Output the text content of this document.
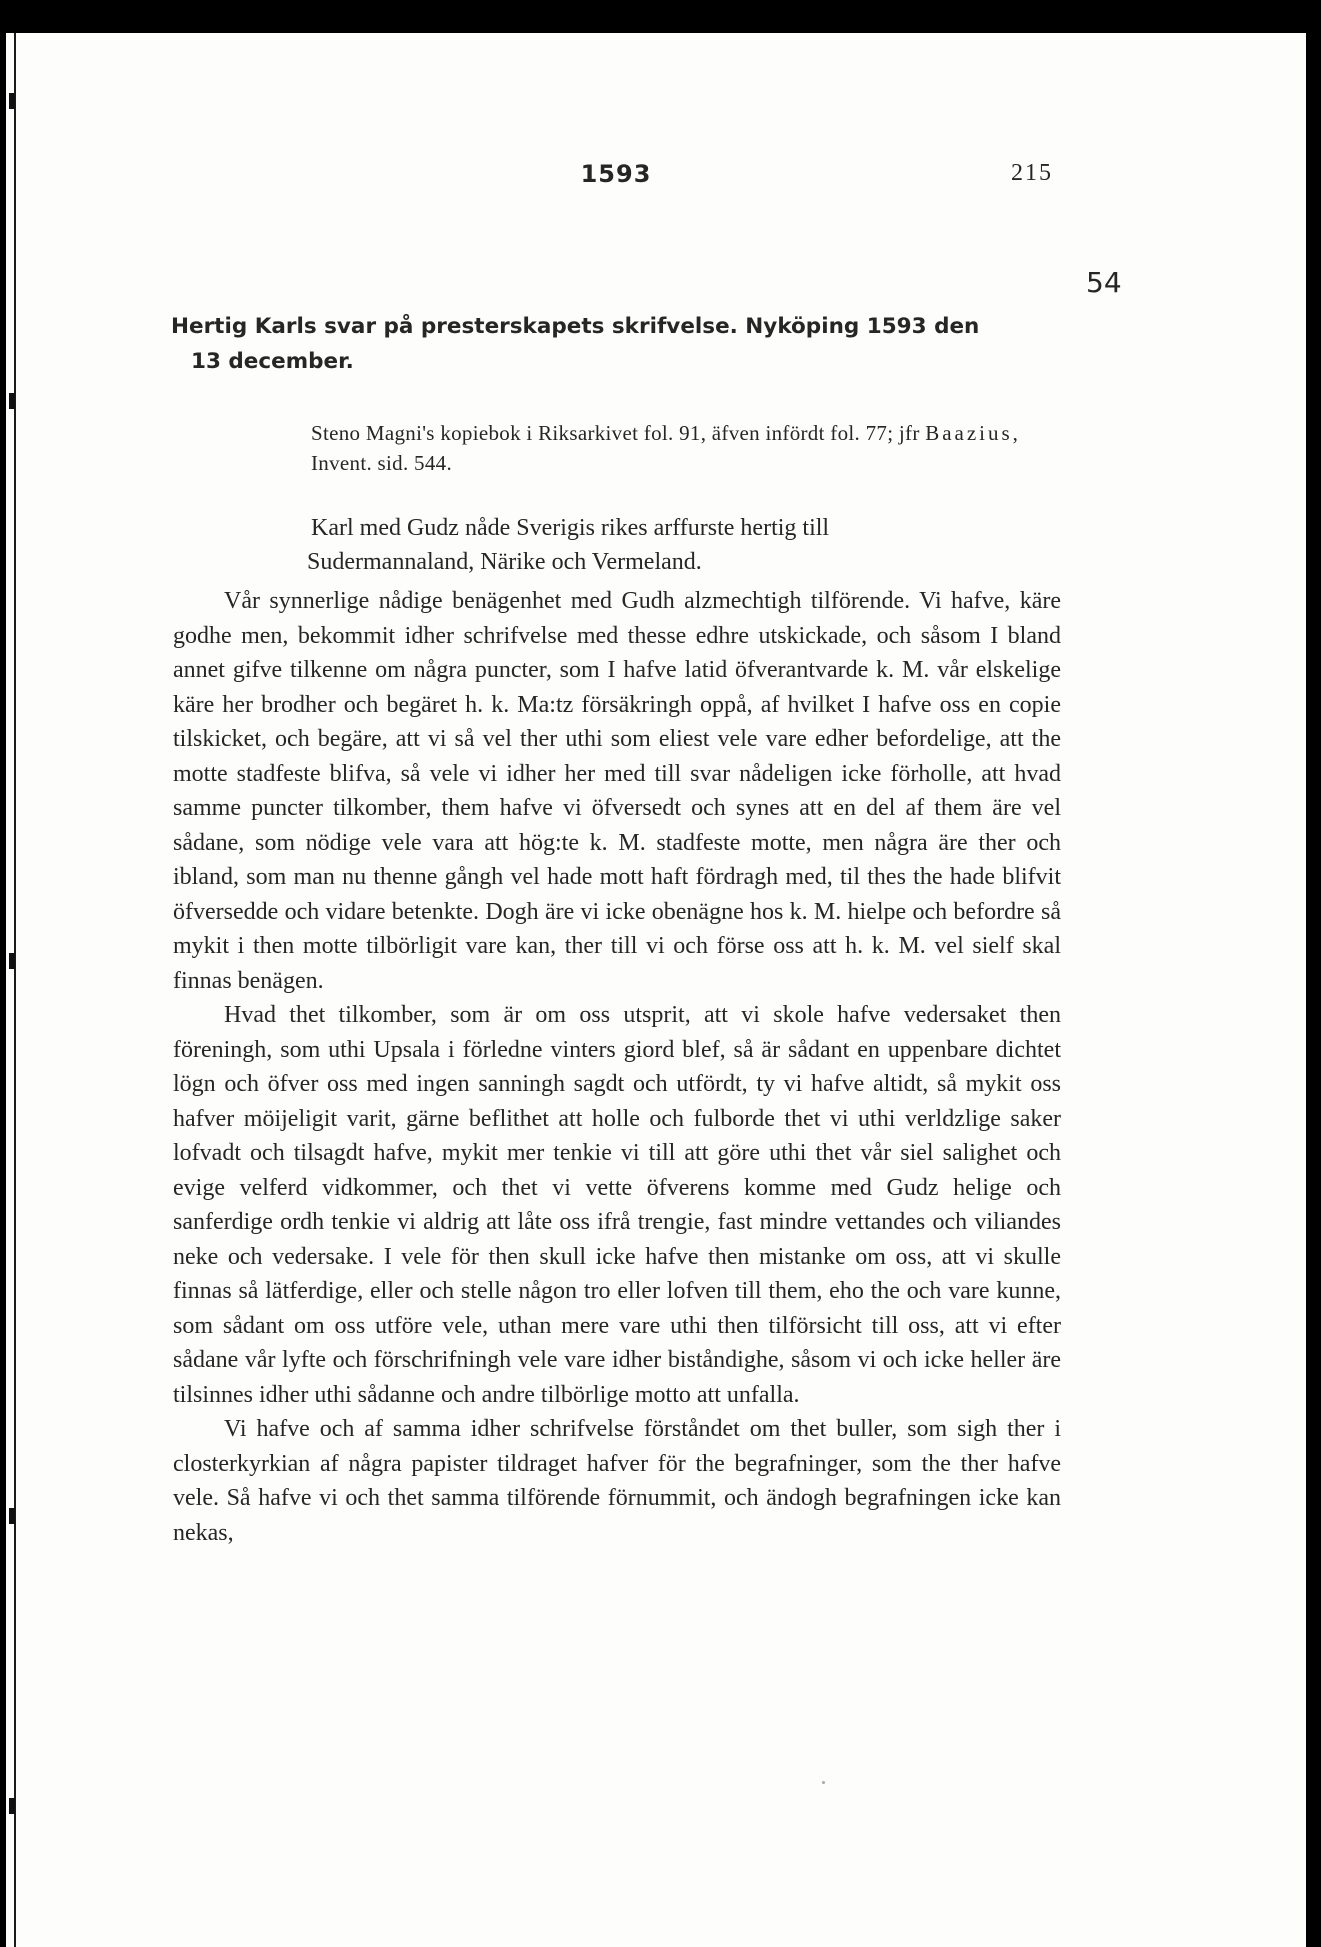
1593	215
54
Hertig Karls svar på presterskapets skrifvelse. Nyköping 1593 den
13 december.
Steno Magni's kopiebok i Riksarkivet fol. 91, äfven infördt fol. 77; jfr Baazius, Invent. sid. 544.
Karl med Gudz nåde Sverigis rikes arffurste hertig till
Sudermannaland, Närike och Vermeland.

Vår synnerlige nådige benägenhet med Gudh alzmechtigh tilförende. Vi hafve, käre godhe men, bekommit idher schrifvelse med thesse edhre utskickade, och såsom I bland annet gifve tilkenne om några puncter, som I hafve latid öfverantvarde k. M. vår elskelige käre her brodher och begäret h. k. Ma:tz försäkringh oppå, af hvilket I hafve oss en copie tilskicket, och begäre, att vi så vel ther uthi som eliest vele vare edher befordelige, att the motte stadfeste blifva, så vele vi idher her med till svar nådeligen icke förholle, att hvad samme puncter tilkomber, them hafve vi öfversedt och synes att en del af them äre vel sådane, som nödige vele vara att hög:te k. M. stadfeste motte, men några äre ther och ibland, som man nu thenne gångh vel hade mott haft fördragh med, til thes the hade blifvit öfversedde och vidare betenkte. Dogh äre vi icke obenägne hos k. M. hielpe och befordre så mykit i then motte tilbörligit vare kan, ther till vi och förse oss att h. k. M. vel sielf skal finnas benägen.

Hvad thet tilkomber, som är om oss utsprit, att vi skole hafve vedersaket then föreningh, som uthi Upsala i förledne vinters giord blef, så är sådant en uppenbare dichtet lögn och öfver oss med ingen sanningh sagdt och utfördt, ty vi hafve altidt, så mykit oss hafver möijeligit varit, gärne beflithet att holle och fulborde thet vi uthi verldzlige saker lofvadt och tilsagdt hafve, mykit mer tenkie vi till att göre uthi thet vår siel salighet och evige velferd vidkommer, och thet vi vette öfverens komme med Gudz helige och sanferdige ordh tenkie vi aldrig att låte oss ifrå trengie, fast mindre vettandes och viliandes neke och vedersake. I vele för then skull icke hafve then mistanke om oss, att vi skulle finnas så lätferdige, eller och stelle någon tro eller lofven till them, eho the och vare kunne, som sådant om oss utföre vele, uthan mere vare uthi then tilförsicht till oss, att vi efter sådane vår lyfte och förschrifningh vele vare idher biståndighe, såsom vi och icke heller äre tilsinnes idher uthi sådanne och andre tilbörlige motto att unfalla.

Vi hafve och af samma idher schrifvelse förståndet om thet buller, som sigh ther i closterkyrkian af några papister tildraget hafver för the begrafninger, som the ther hafve vele. Så hafve vi och thet samma tilförende förnummit, och ändogh begrafningen icke kan nekas,
